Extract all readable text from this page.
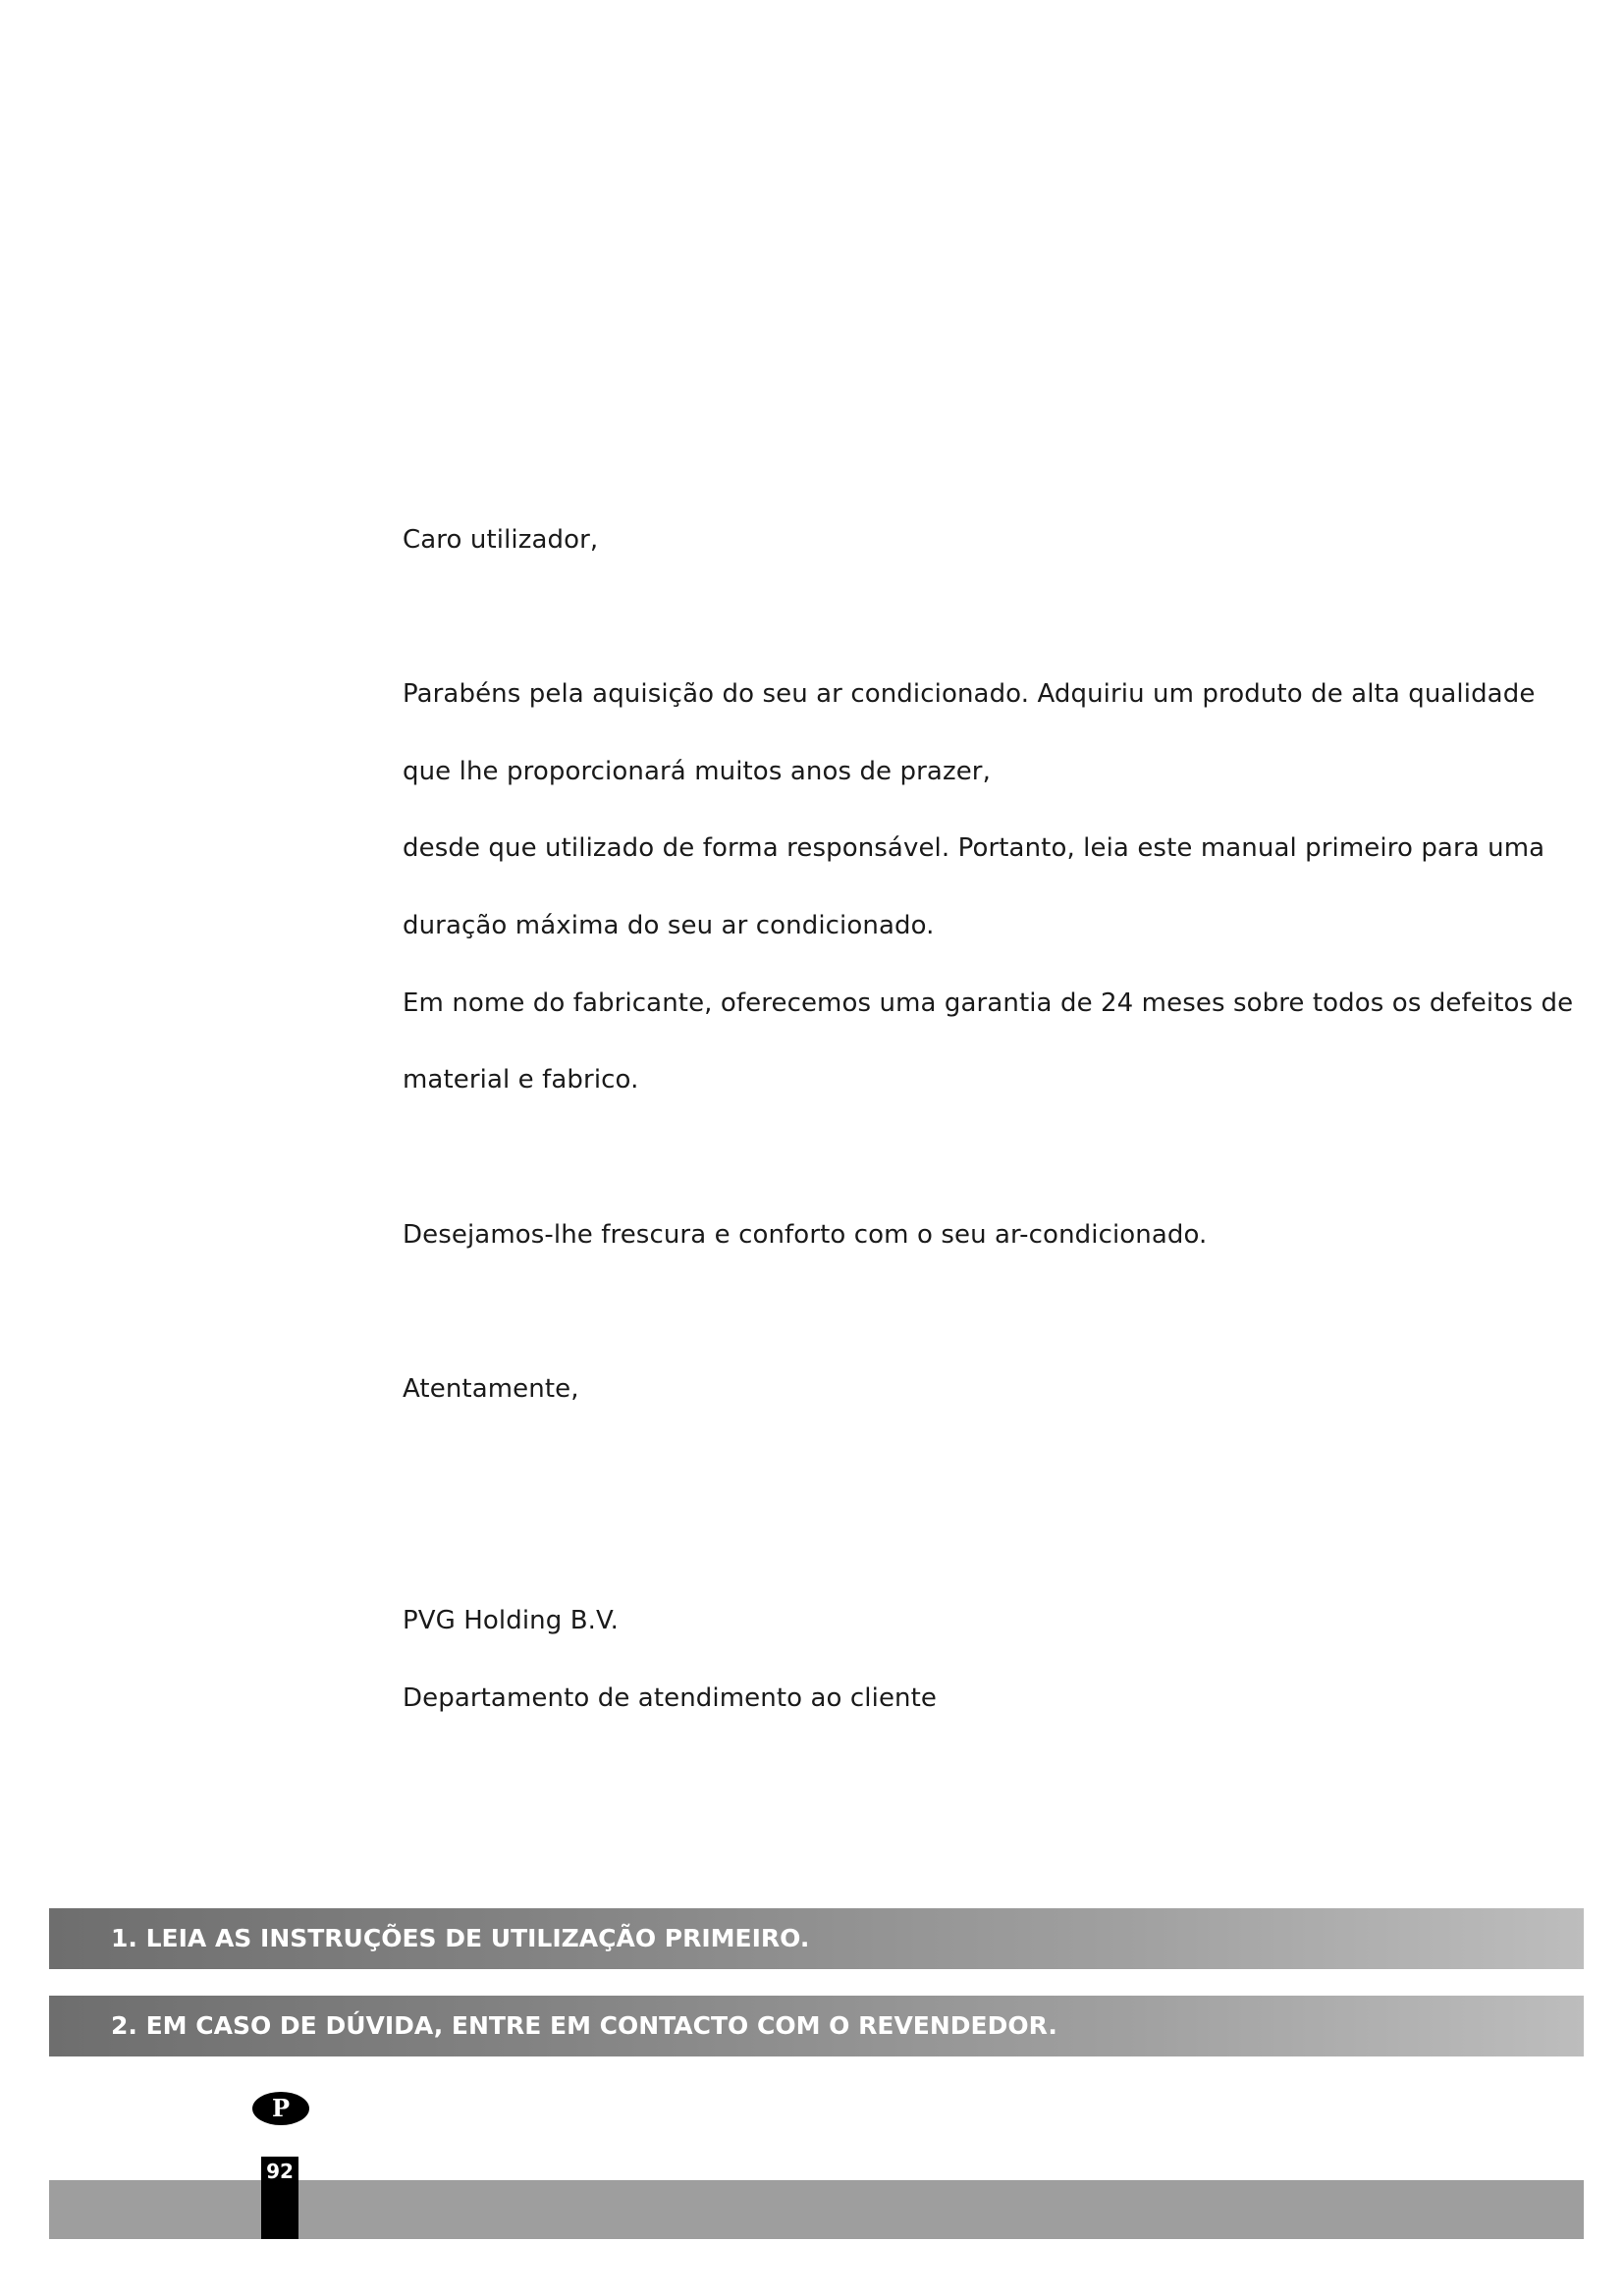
Caro utilizador,
Parabéns pela aquisição do seu ar condicionado. Adquiriu um produto de alta qualidade
que lhe proporcionará muitos anos de prazer,
desde que utilizado de forma responsável. Portanto, leia este manual primeiro para uma
duração máxima do seu ar condicionado.
Em nome do fabricante, oferecemos uma garantia de 24 meses sobre todos os defeitos de
material e fabrico.
Desejamos-lhe frescura e conforto com o seu ar-condicionado.
Atentamente,
PVG Holding B.V.
Departamento de atendimento ao cliente
1. LEIA AS INSTRUÇÕES DE UTILIZAÇÃO PRIMEIRO.
2. EM CASO DE DÚVIDA, ENTRE EM CONTACTO COM O REVENDEDOR.
P
92
